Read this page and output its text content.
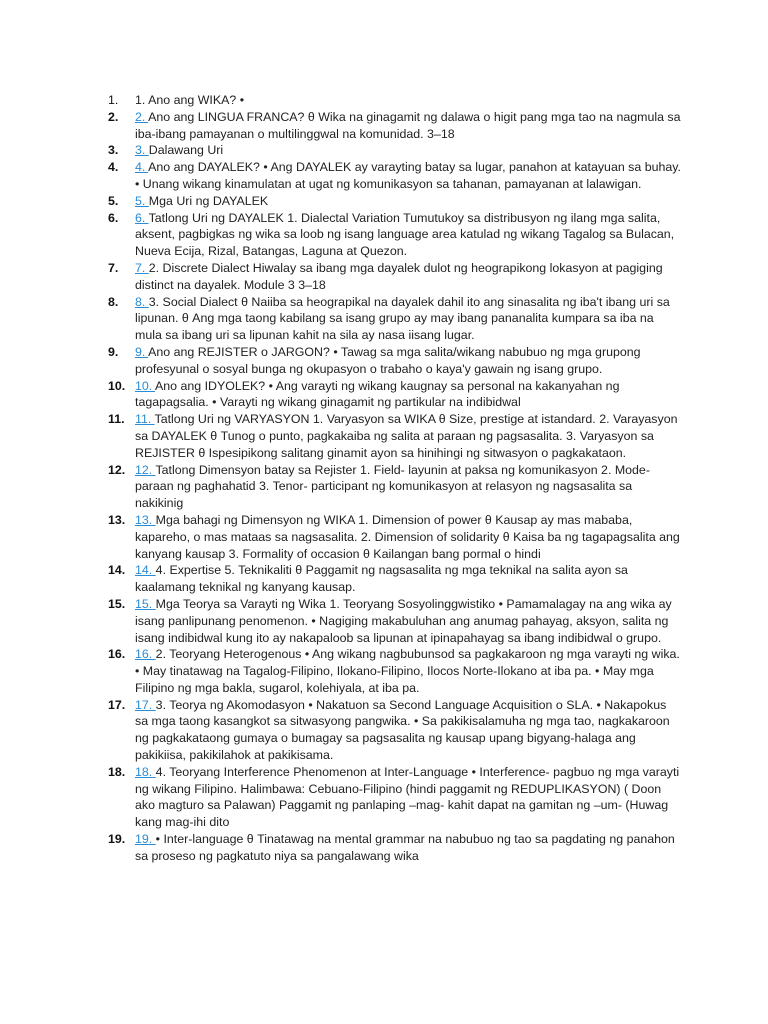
1. 1. Ano ang WIKA? •
2. 2. Ano ang LINGUA FRANCA? θ Wika na ginagamit ng dalawa o higit pang mga tao na nagmula sa iba-ibang pamayanan o multilinggwal na komunidad. 3–18
3. 3. Dalawang Uri
4. 4. Ano ang DAYALEK? • Ang DAYALEK ay varayting batay sa lugar, panahon at katayuan sa buhay. • Unang wikang kinamulatan at ugat ng komunikasyon sa tahanan, pamayanan at lalawigan.
5. 5. Mga Uri ng DAYALEK
6. 6. Tatlong Uri ng DAYALEK 1. Dialectal Variation Tumutukoy sa distribusyon ng ilang mga salita, aksent, pagbigkas ng wika sa loob ng isang language area katulad ng wikang Tagalog sa Bulacan, Nueva Ecija, Rizal, Batangas, Laguna at Quezon.
7. 7. 2. Discrete Dialect Hiwalay sa ibang mga dayalek dulot ng heograpikong lokasyon at pagiging distinct na dayalek. Module 3 3–18
8. 8. 3. Social Dialect θ Naiiba sa heograpikal na dayalek dahil ito ang sinasalita ng iba't ibang uri sa lipunan. θ Ang mga taong kabilang sa isang grupo ay may ibang pananalita kumpara sa iba na mula sa ibang uri sa lipunan kahit na sila ay nasa iisang lugar.
9. 9. Ano ang REJISTER o JARGON? • Tawag sa mga salita/wikang nabubuo ng mga grupong profesyunal o sosyal bunga ng okupasyon o trabaho o kaya'y gawain ng isang grupo.
10. 10. Ano ang IDYOLEK? • Ang varayti ng wikang kaugnay sa personal na kakanyahan ng tagapagsalia. • Varayti ng wikang ginagamit ng partikular na indibidwal
11. 11. Tatlong Uri ng VARYASYON 1. Varyasyon sa WIKA θ Size, prestige at istandard. 2. Varayasyon sa DAYALEK θ Tunog o punto, pagkakaiba ng salita at paraan ng pagsasalita. 3. Varyasyon sa REJISTER θ Ispesipikong salitang ginamit ayon sa hinihingi ng sitwasyon o pagkakataon.
12. 12. Tatlong Dimensyon batay sa Rejister 1. Field- layunin at paksa ng komunikasyon 2. Mode- paraan ng paghahatid 3. Tenor- participant ng komunikasyon at relasyon ng nagsasalita sa nakikinig
13. 13. Mga bahagi ng Dimensyon ng WIKA 1. Dimension of power θ Kausap ay mas mababa, kapareho, o mas mataas sa nagsasalita. 2. Dimension of solidarity θ Kaisa ba ng tagapagsalita ang kanyang kausap 3. Formality of occasion θ Kailangan bang pormal o hindi
14. 14. 4. Expertise 5. Teknikaliti θ Paggamit ng nagsasalita ng mga teknikal na salita ayon sa kaalamang teknikal ng kanyang kausap.
15. 15. Mga Teorya sa Varayti ng Wika 1. Teoryang Sosyolinggwistiko • Pamamalagay na ang wika ay isang panlipunang penomenon. • Nagiging makabuluhan ang anumag pahayag, aksyon, salita ng isang indibidwal kung ito ay nakapaloob sa lipunan at ipinapahayag sa ibang indibidwal o grupo.
16. 16. 2. Teoryang Heterogenous • Ang wikang nagbubunsod sa pagkakaroon ng mga varayti ng wika. • May tinatawag na Tagalog-Filipino, Ilokano-Filipino, Ilocos Norte-Ilokano at iba pa. • May mga Filipino ng mga bakla, sugarol, kolehiyala, at iba pa.
17. 17. 3. Teorya ng Akomodasyon • Nakatuon sa Second Language Acquisition o SLA. • Nakapokus sa mga taong kasangkot sa sitwasyong pangwika. • Sa pakikisalamuha ng mga tao, nagkakaroon ng pagkakataong gumaya o bumagay sa pagsasalita ng kausap upang bigyang-halaga ang pakikiisa, pakikilahok at pakikisama.
18. 18. 4. Teoryang Interference Phenomenon at Inter-Language • Interference- pagbuo ng mga varayti ng wikang Filipino. Halimbawa: Cebuano-Filipino (hindi paggamit ng REDUPLIKASYON) ( Doon ako magturo sa Palawan) Paggamit ng panlaping –mag- kahit dapat na gamitan ng –um- (Huwag kang mag-ihi dito
19. 19. • Inter-language θ Tinatawag na mental grammar na nabubuo ng tao sa pagdating ng panahon sa proseso ng pagkatuto niya sa pangalawang wika
